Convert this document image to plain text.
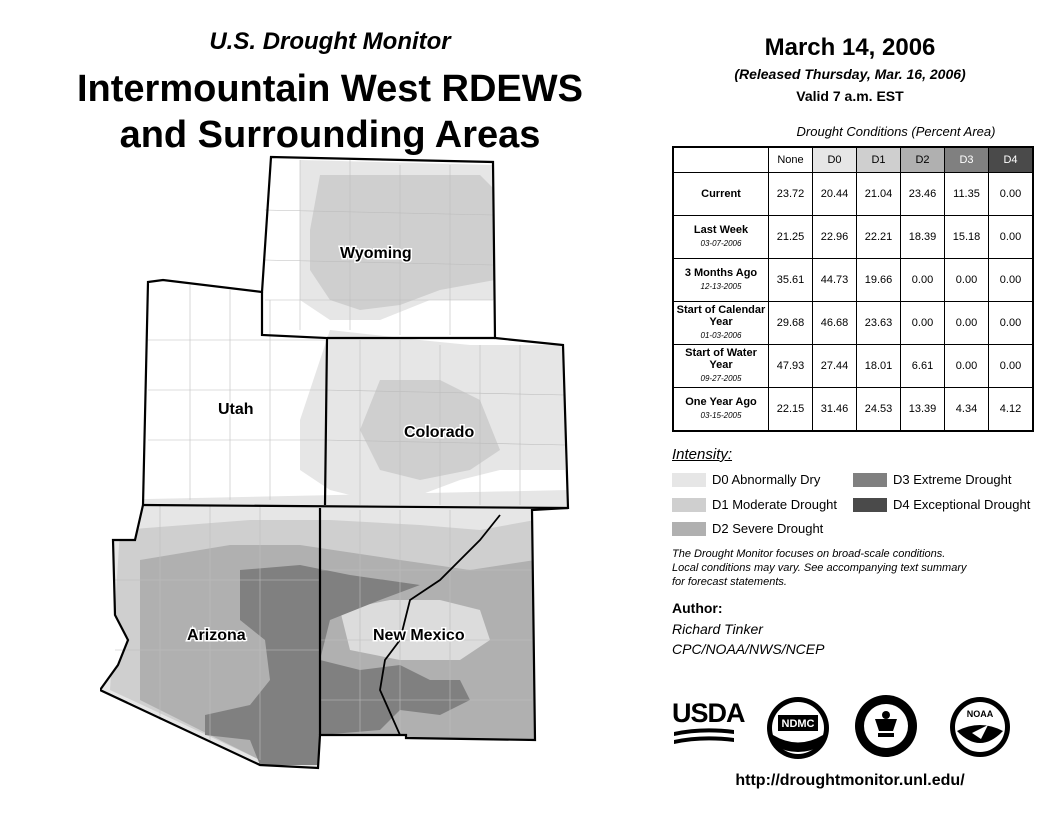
U.S. Drought Monitor
Intermountain West RDEWS
and Surrounding Areas
Wyoming
Utah
Colorado
Arizona	New Mexico
March 14, 2006
(Released Thursday, Mar. 16, 2006)
Valid 7 a.m. EST
Drought Conditions (Percent Area)
	None	D0	D1	D2	D3	D4

Current	23.72	20.44	21.04	23.46	11.35	0.00

Last Week
03-07-2006	21.25	22.96	22.21	18.39	15.18	0.00

3 Months Ago
12-13-2005	35.61	44.73	19.66	0.00	0.00	0.00

Start of Calendar Year
01-03-2006	29.68	46.68	23.63	0.00	0.00	0.00

Start of Water Year
09-27-2005	47.93	27.44	18.01	6.61	0.00	0.00

One Year Ago
03-15-2005	22.15	31.46	24.53	13.39	4.34	4.12
Intensity:
D0 Abnormally Dry
D1 Moderate Drought
D2 Severe Drought
D3 Extreme Drought
D4 Exceptional Drought
The Drought Monitor focuses on broad-scale conditions.
Local conditions may vary. See accompanying text summary
for forecast statements.
Author:
Richard Tinker
CPC/NOAA/NWS/NCEP
USDA	NDMC
NOAA
http://droughtmonitor.unl.edu/
